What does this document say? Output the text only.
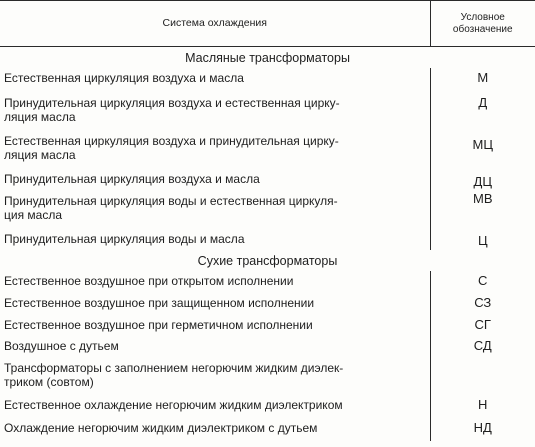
Система охлаждения	Условное
обозначение
Масляные трансформаторы	
Естественная циркуляция воздуха и масла	М
Принудительная циркуляция воздуха и естественная цирку-
ляция масла	Д
Естественная циркуляция воздуха и принудительная цирку-
ляция масла	МЦ
Принудительная циркуляция воздуха и масла	ДЦ
Принудительная циркуляция воды и естественная циркуля-
ция масла	МВ
Принудительная циркуляция воды и масла	Ц
Сухие трансформаторы	
Естественное воздушное при открытом исполнении	С
Естественное воздушное при защищенном исполнении	СЗ
Естественное воздушное при герметичном исполнении	СГ
Воздушное с дутьем	СД
Трансформаторы с заполнением негорючим жидким диэлек-
триком (совтом)	
Естественное охлаждение негорючим жидким диэлектриком	Н
Охлаждение негорючим жидким диэлектриком с дутьем	НД
